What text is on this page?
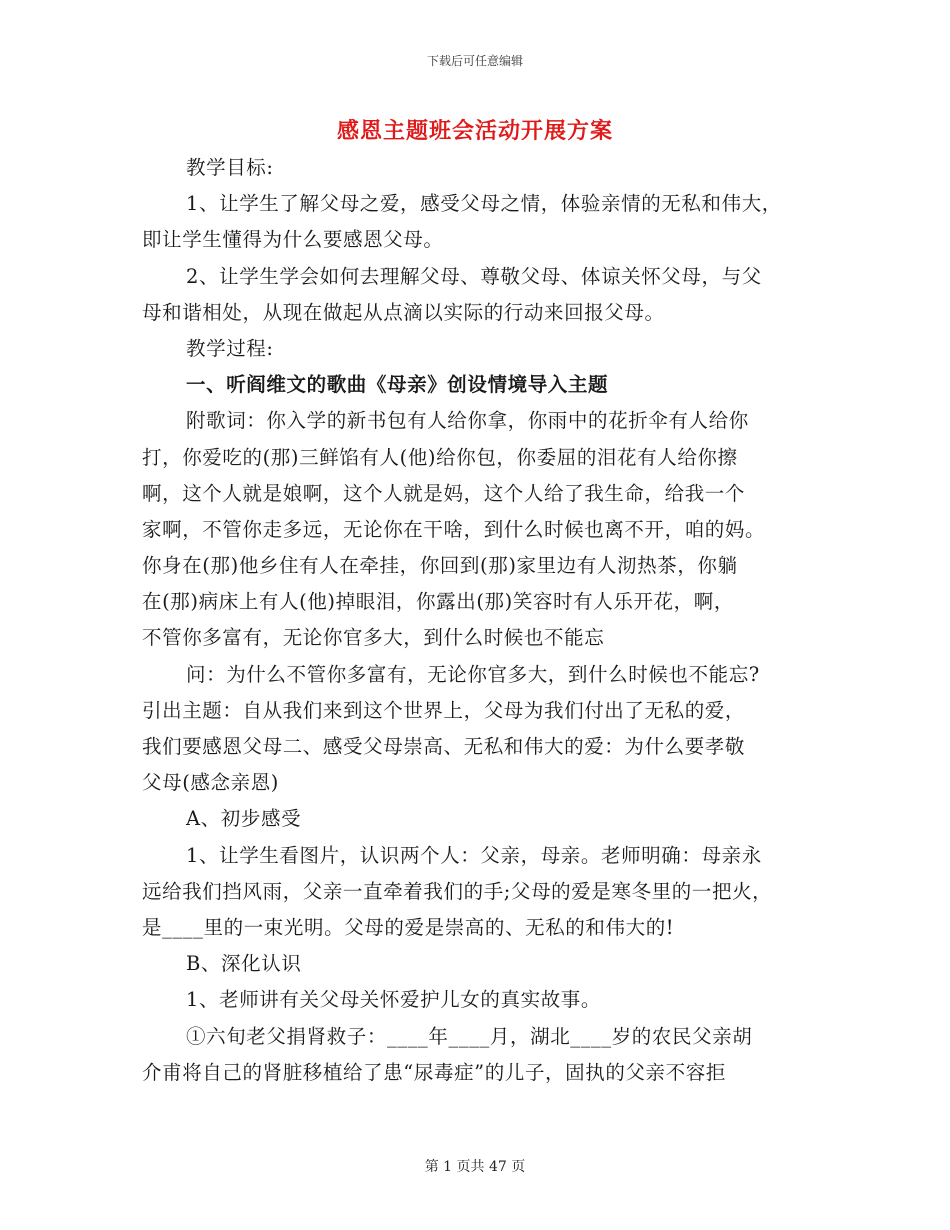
下载后可任意编辑
感恩主题班会活动开展方案
教学目标:
1、让学生了解父母之爱，感受父母之情，体验亲情的无私和伟大，
即让学生懂得为什么要感恩父母。
2、让学生学会如何去理解父母、尊敬父母、体谅关怀父母，与父
母和谐相处，从现在做起从点滴以实际的行动来回报父母。
教学过程:
一、听阎维文的歌曲《母亲》创设情境导入主题
附歌词：你入学的新书包有人给你拿，你雨中的花折伞有人给你
打，你爱吃的(那)三鲜馅有人(他)给你包，你委屈的泪花有人给你擦
啊，这个人就是娘啊，这个人就是妈，这个人给了我生命，给我一个
家啊，不管你走多远，无论你在干啥，到什么时候也离不开，咱的妈。
你身在(那)他乡住有人在牵挂，你回到(那)家里边有人沏热茶，你躺
在(那)病床上有人(他)掉眼泪，你露出(那)笑容时有人乐开花，啊，
不管你多富有，无论你官多大，到什么时候也不能忘
问：为什么不管你多富有，无论你官多大，到什么时候也不能忘?
引出主题：自从我们来到这个世界上，父母为我们付出了无私的爱，
我们要感恩父母二、感受父母崇高、无私和伟大的爱：为什么要孝敬
父母(感念亲恩)
A、初步感受
1、让学生看图片，认识两个人：父亲，母亲。老师明确：母亲永
远给我们挡风雨，父亲一直牵着我们的手;父母的爱是寒冬里的一把火，
是____里的一束光明。父母的爱是崇高的、无私的和伟大的!
B、深化认识
1、老师讲有关父母关怀爱护儿女的真实故事。
①六旬老父捐肾救子：____年____月，湖北____岁的农民父亲胡
介甫将自己的肾脏移植给了患“尿毒症”的儿子，固执的父亲不容拒
第 1 页共 47 页
